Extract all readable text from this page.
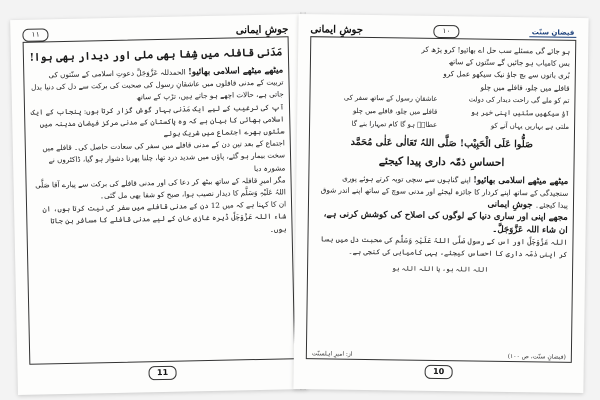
١١	جوشِ ایمانی
مَدَنی قافلہ میں شِفا بھی ملی اور دیدار بھی ہوا!

میٹھے میٹھے اسلامی بھائیو! الحمدللہ عَزَّوَجَلَّ دعوتِ اسلامی کے سنّتوں کی تربیت کے مدنی قافلوں میں عاشقانِ رسول کی صحبت کی برکت سے دل کی دنیا بدل جاتی ہے، حالات اچھے ہو جاتے ہیں، تڑپ کے ساتھ

آپ کی ترغیب کے لیے ایک مَدَنی بہار گوش گزار کرتا ہوں: پنجاب کے ایک اسلامی بھائی کا بیان ہے کہ وہ پاکستان کے مدنی مرکز فیضانِ مدینہ میں سنّتوں بھرے اجتماع میں شریک ہوئے

اجتماع کے بعد تین دن کے مدنی قافلے میں سفر کی سعادت حاصل کی۔ قافلے میں سخت بیمار ہو گئے، پاؤں میں شدید درد تھا، چلنا پھرنا دشوار ہو گیا، ڈاکٹروں نے مشورہ دیا

مگر امیرِ قافلہ کے ساتھ بیٹھ کر دعا کی اور مدنی قافلے کی برکت سے پیارے آقا صَلَّی اللہُ عَلَیْہِ وَسَلَّم کا دیدار نصیب ہوا، صبح کو شفا بھی مل گئی۔

ان کا کہنا ہے کہ میں 12 دن کے مدنی قافلے میں سفر کی نیت کرتا ہوں، ان شاء اللہ عَزَّوَجَلَّ ڈیرہ غازی خان کے لیے مدنی قافلے کا مسافر بن جاتا ہوں۔

11
جوشِ ایمانی	١٠	فیضانِ سنّت
ہو جائے گی مسئلے سب حل اے بھائیو! کرو پڑھ کر
بس کامیاب ہو جائیں گے سنّتوں کے ساتھ
بُری باتوں سے بچ جاؤ نیک سیکھو عمل کرو
قافلے میں چلو، قافلے میں چلو
تم کو ملے گی راحت دیدار کی دولت
عاشقانِ رسول کے ساتھ سفر کی
آؤ سیکھیں سنّتیں اپنی خیر ہو
قافلے میں چلو، قافلے میں چلو
ملتی ہے بہاریں یہاں آنے کو
عطارؔ ہو گا کام تمہارا بنے گا
صَلُّوا عَلَی الْحَبِیْب! صَلَّی اللہُ تَعَالٰی عَلٰی مُحَمَّد
احساسِ ذمّہ داری پیدا کیجئے

میٹھے میٹھے اسلامی بھائیو! اپنے گناہوں سے سچی توبہ کرتے ہوئے پوری سنجیدگی کے ساتھ اپنے کردار کا جائزہ لیجئے اور مدنی سوچ کے ساتھ اپنے اندر شوق پیدا کیجئے۔ جوشِ ایمانی

مجھے اپنی اور ساری دنیا کے لوگوں کی اصلاح کی کوشش کرنی ہے، ان شاء اللہ عَزَّوَجَلَّ۔

اللہ عَزَّوَجَلَّ اور اس کے رسول صَلَّی اللہُ عَلَیْہِ وَسَلَّم کی محبت دل میں بسا کر اپنی ذمّہ داری کا احساس کیجئے، یہی کامیابی کی کنجی ہے۔

اللہ اللہ ہو، یا اللہ اللہ ہو
(فیضانِ سنّت، ص ۱۰۰)
از: امیرِ اہلسنّت
10
